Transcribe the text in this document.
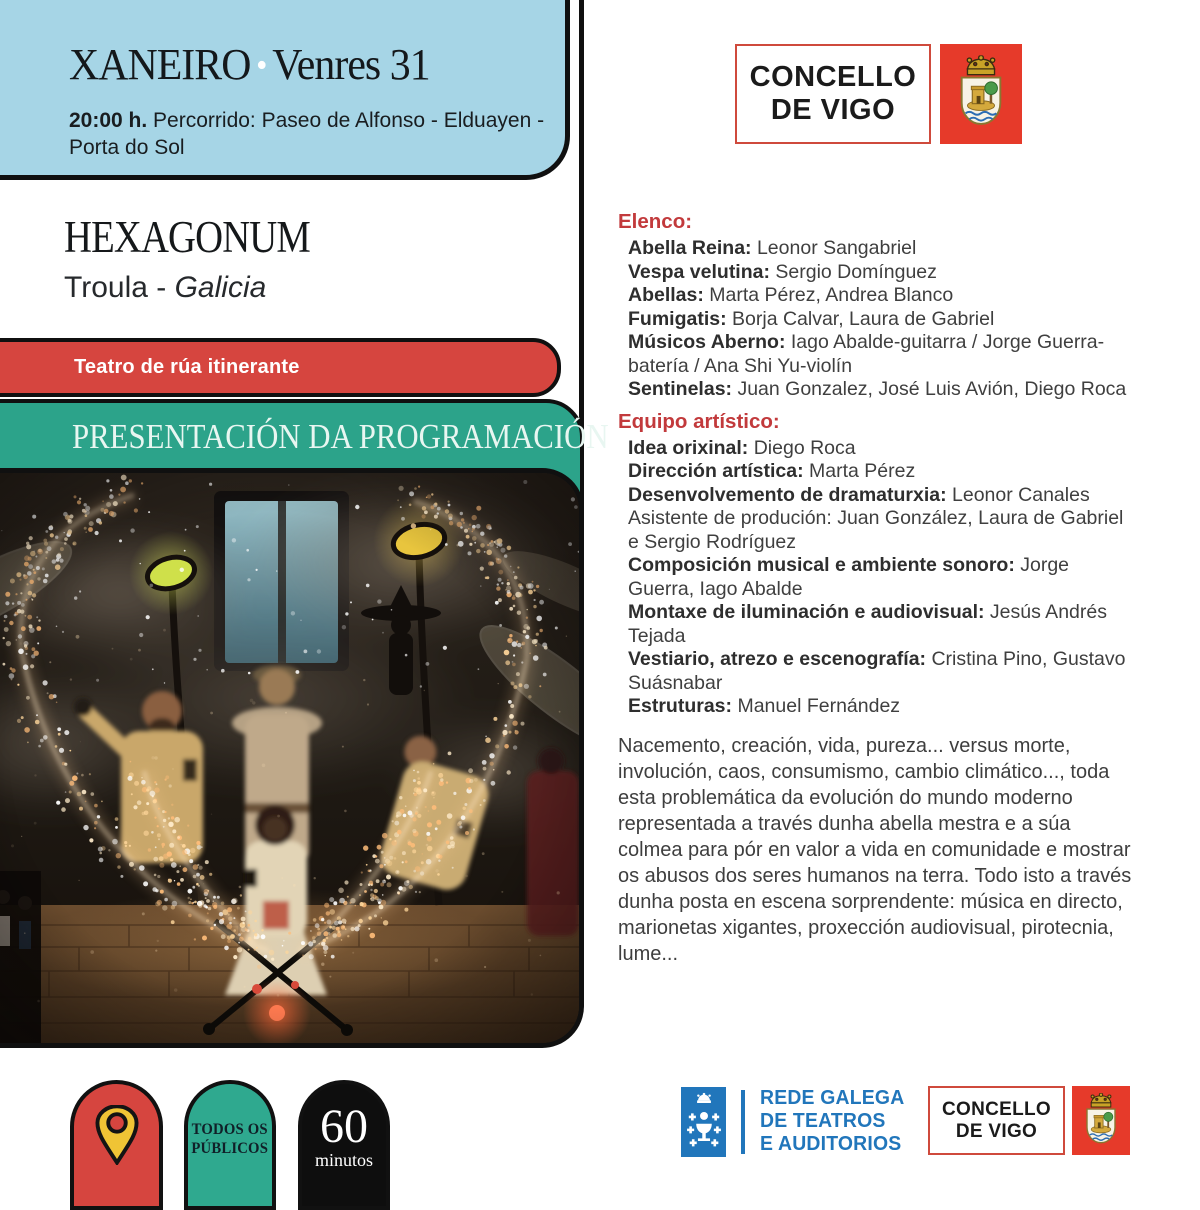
XANEIRO • Venres 31
20:00 h. Percorrido: Paseo de Alfonso - Elduayen - Porta do Sol
HEXAGONUM
Troula - Galicia
Teatro de rúa itinerante
PRESENTACIÓN DA PROGRAMACIÓN
TODOS OS
PÚBLICOS 60
minutos
CONCELLO
DE VIGO
Elenco:
Abella Reina: Leonor Sangabriel
Vespa velutina: Sergio Domínguez
Abellas: Marta Pérez, Andrea Blanco
Fumigatis: Borja Calvar, Laura de Gabriel
Músicos Aberno: Iago Abalde-guitarra / Jorge Guerra-batería / Ana Shi Yu-violín
Sentinelas: Juan Gonzalez, José Luis Avión, Diego Roca
Equipo artístico:
Idea orixinal: Diego Roca
Dirección artística: Marta Pérez
Desenvolvemento de dramaturxia: Leonor Canales
Asistente de produción: Juan González, Laura de Gabriel e Sergio Rodríguez
Composición musical e ambiente sonoro: Jorge Guerra, Iago Abalde
Montaxe de iluminación e audiovisual: Jesús Andrés Tejada
Vestiario, atrezo e escenografía: Cristina Pino, Gustavo Suásnabar
Estruturas: Manuel Fernández

Nacemento, creación, vida, pureza... versus morte, involución, caos, consumismo, cambio climático..., toda esta problemática da evolución do mundo moderno representada a través dunha abella mestra e a súa colmea para pór en valor a vida en comunidade e mostrar os abusos dos seres humanos na terra. Todo isto a través dunha posta en escena sorprendente: música en directo, marionetas xigantes, proxección audiovisual, pirotecnia, lume...

REDE GALEGA
DE TEATROS
E AUDITORIOS
CONCELLO
DE VIGO
